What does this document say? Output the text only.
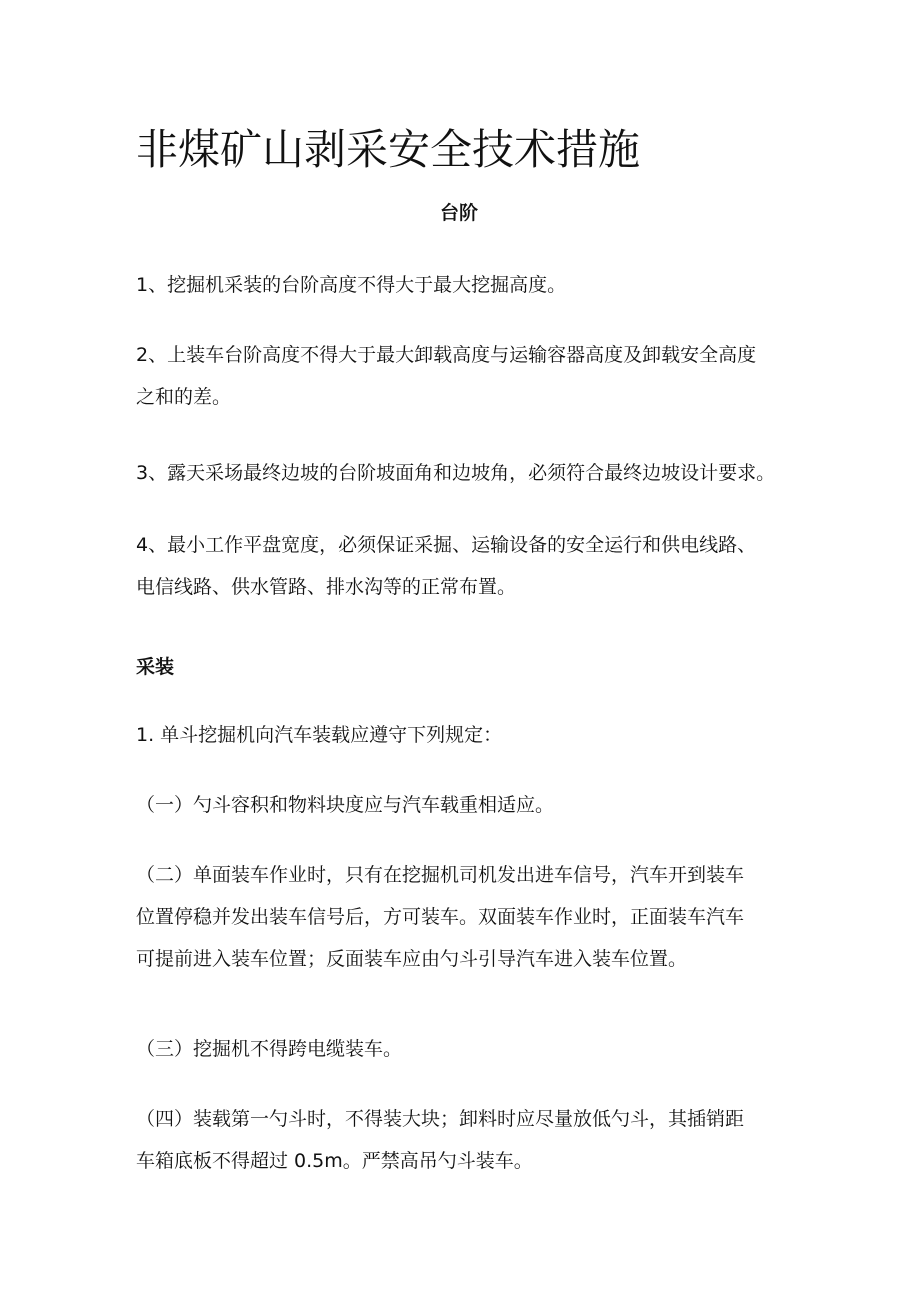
非煤矿山剥采安全技术措施
台阶
1、挖掘机采装的台阶高度不得大于最大挖掘高度。
2、上装车台阶高度不得大于最大卸载高度与运输容器高度及卸载安全高度
之和的差。
3、露天采场最终边坡的台阶坡面角和边坡角，必须符合最终边坡设计要求。
4、最小工作平盘宽度，必须保证采掘、运输设备的安全运行和供电线路、
电信线路、供水管路、排水沟等的正常布置。
采装
1. 单斗挖掘机向汽车装载应遵守下列规定：
（一）勺斗容积和物料块度应与汽车载重相适应。
（二）单面装车作业时，只有在挖掘机司机发出进车信号，汽车开到装车
位置停稳并发出装车信号后，方可装车。双面装车作业时，正面装车汽车
可提前进入装车位置；反面装车应由勺斗引导汽车进入装车位置。
（三）挖掘机不得跨电缆装车。
（四）装载第一勺斗时，不得装大块；卸料时应尽量放低勺斗，其插销距
车箱底板不得超过 0.5m。严禁高吊勺斗装车。
